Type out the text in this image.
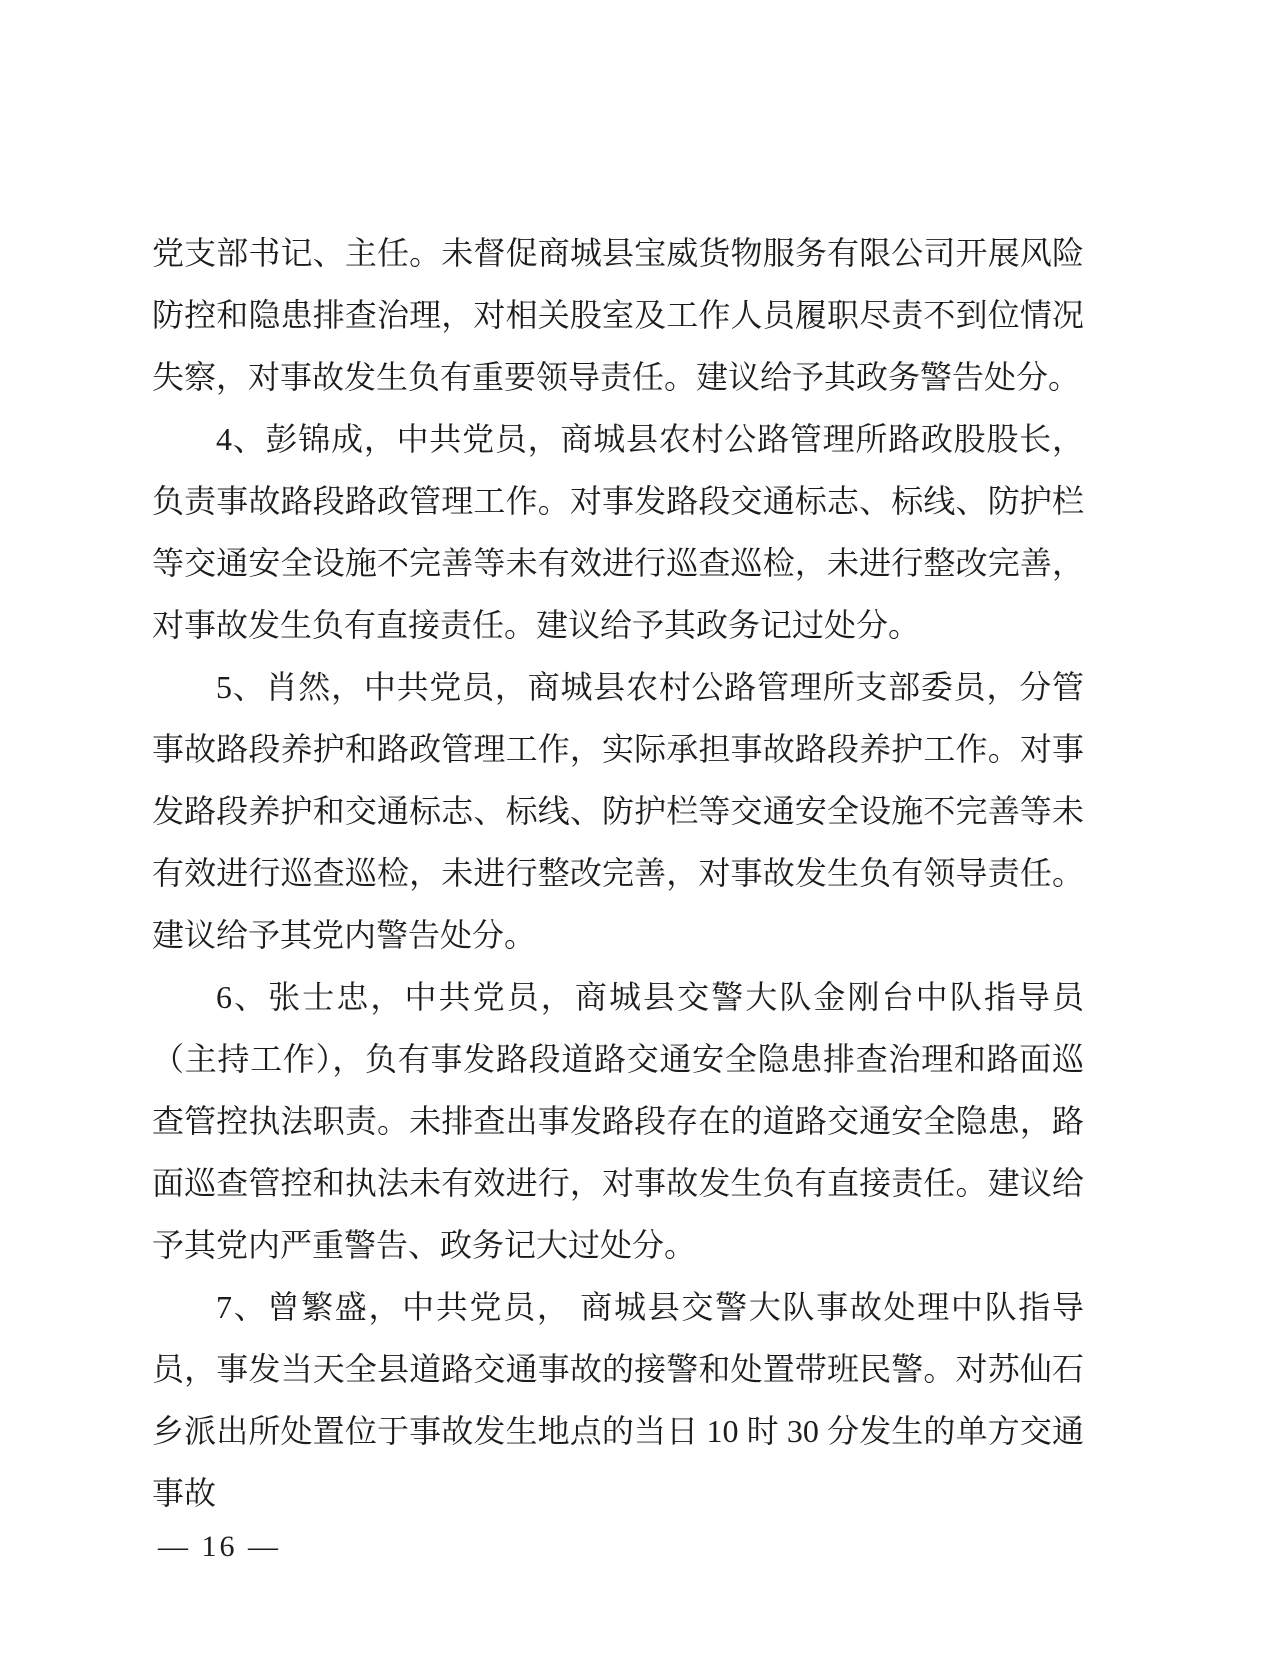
党支部书记、主任。未督促商城县宝威货物服务有限公司开展风险防控和隐患排查治理，对相关股室及工作人员履职尽责不到位情况失察，对事故发生负有重要领导责任。建议给予其政务警告处分。

4、彭锦成，中共党员，商城县农村公路管理所路政股股长，负责事故路段路政管理工作。对事发路段交通标志、标线、防护栏等交通安全设施不完善等未有效进行巡查巡检，未进行整改完善，对事故发生负有直接责任。建议给予其政务记过处分。

5、肖然，中共党员，商城县农村公路管理所支部委员，分管事故路段养护和路政管理工作，实际承担事故路段养护工作。对事发路段养护和交通标志、标线、防护栏等交通安全设施不完善等未有效进行巡查巡检，未进行整改完善，对事故发生负有领导责任。建议给予其党内警告处分。

6、张士忠，中共党员，商城县交警大队金刚台中队指导员（主持工作），负有事发路段道路交通安全隐患排查治理和路面巡查管控执法职责。未排查出事发路段存在的道路交通安全隐患，路面巡查管控和执法未有效进行，对事故发生负有直接责任。建议给予其党内严重警告、政务记大过处分。

7、曾繁盛，中共党员， 商城县交警大队事故处理中队指导员，事发当天全县道路交通事故的接警和处置带班民警。对苏仙石乡派出所处置位于事故发生地点的当日 10 时 30 分发生的单方交通事故

— 16 —
